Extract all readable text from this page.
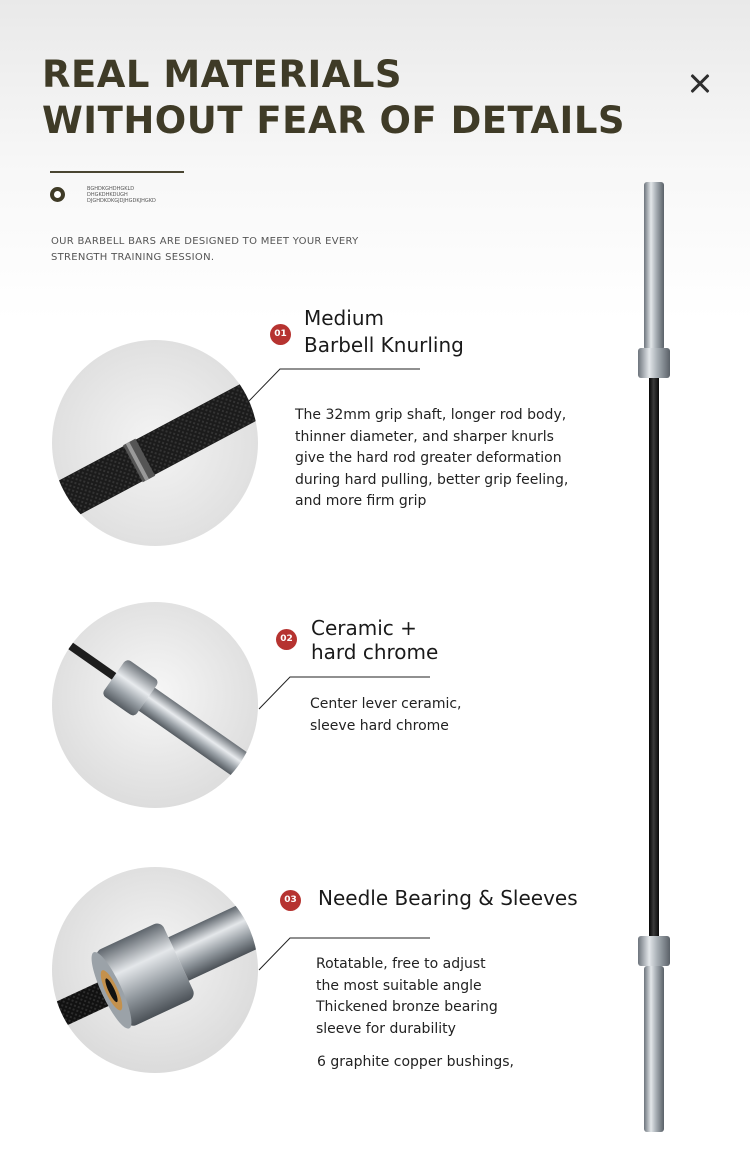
REAL MATERIALS
WITHOUT FEAR OF DETAILS
BGHDKGHDHGKLD
DHGKDHKDUGH
DJGHDKDKGJDJHGDKJHGKD
OUR BARBELL BARS ARE DESIGNED TO MEET YOUR EVERY
STRENGTH TRAINING SESSION.
01
Medium
Barbell Knurling
The 32mm grip shaft, longer rod body,
thinner diameter, and sharper knurls
give the hard rod greater deformation
during hard pulling, better grip feeling,
and more firm grip
02 Ceramic +
hard chrome
Center lever ceramic,
sleeve hard chrome
03 Needle Bearing & Sleeves
Rotatable, free to adjust
the most suitable angle
Thickened bronze bearing
sleeve for durability
6 graphite copper bushings,
